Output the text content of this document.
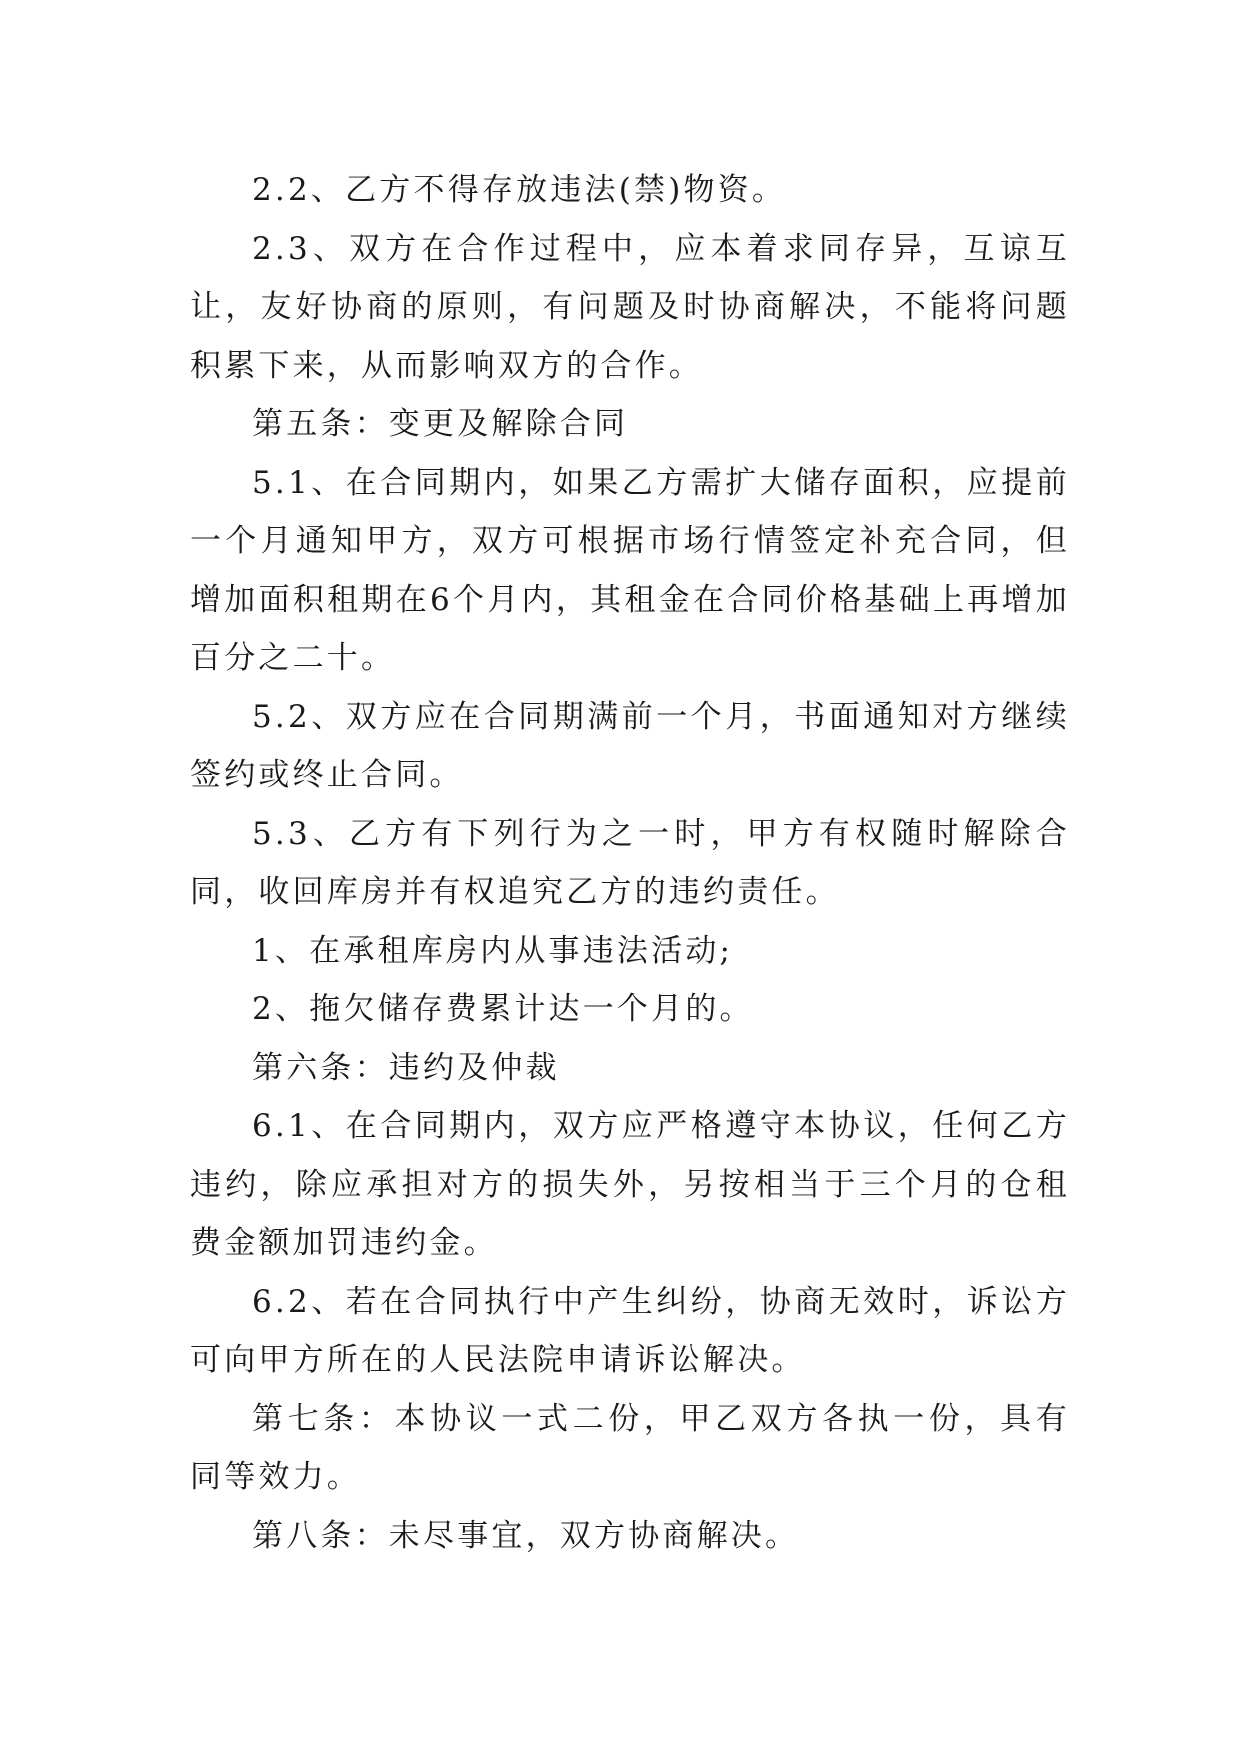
2.2、乙方不得存放违法(禁)物资。

2.3、双方在合作过程中，应本着求同存异，互谅互让，友好协商的原则，有问题及时协商解决，不能将问题积累下来，从而影响双方的合作。

第五条：变更及解除合同

5.1、在合同期内，如果乙方需扩大储存面积，应提前一个月通知甲方，双方可根据市场行情签定补充合同，但增加面积租期在6个月内，其租金在合同价格基础上再增加百分之二十。

5.2、双方应在合同期满前一个月，书面通知对方继续签约或终止合同。

5.3、乙方有下列行为之一时，甲方有权随时解除合同，收回库房并有权追究乙方的违约责任。

1、在承租库房内从事违法活动;

2、拖欠储存费累计达一个月的。

第六条：违约及仲裁

6.1、在合同期内，双方应严格遵守本协议，任何乙方违约，除应承担对方的损失外，另按相当于三个月的仓租费金额加罚违约金。

6.2、若在合同执行中产生纠纷，协商无效时，诉讼方可向甲方所在的人民法院申请诉讼解决。

第七条：本协议一式二份，甲乙双方各执一份，具有同等效力。

第八条：未尽事宜，双方协商解决。
